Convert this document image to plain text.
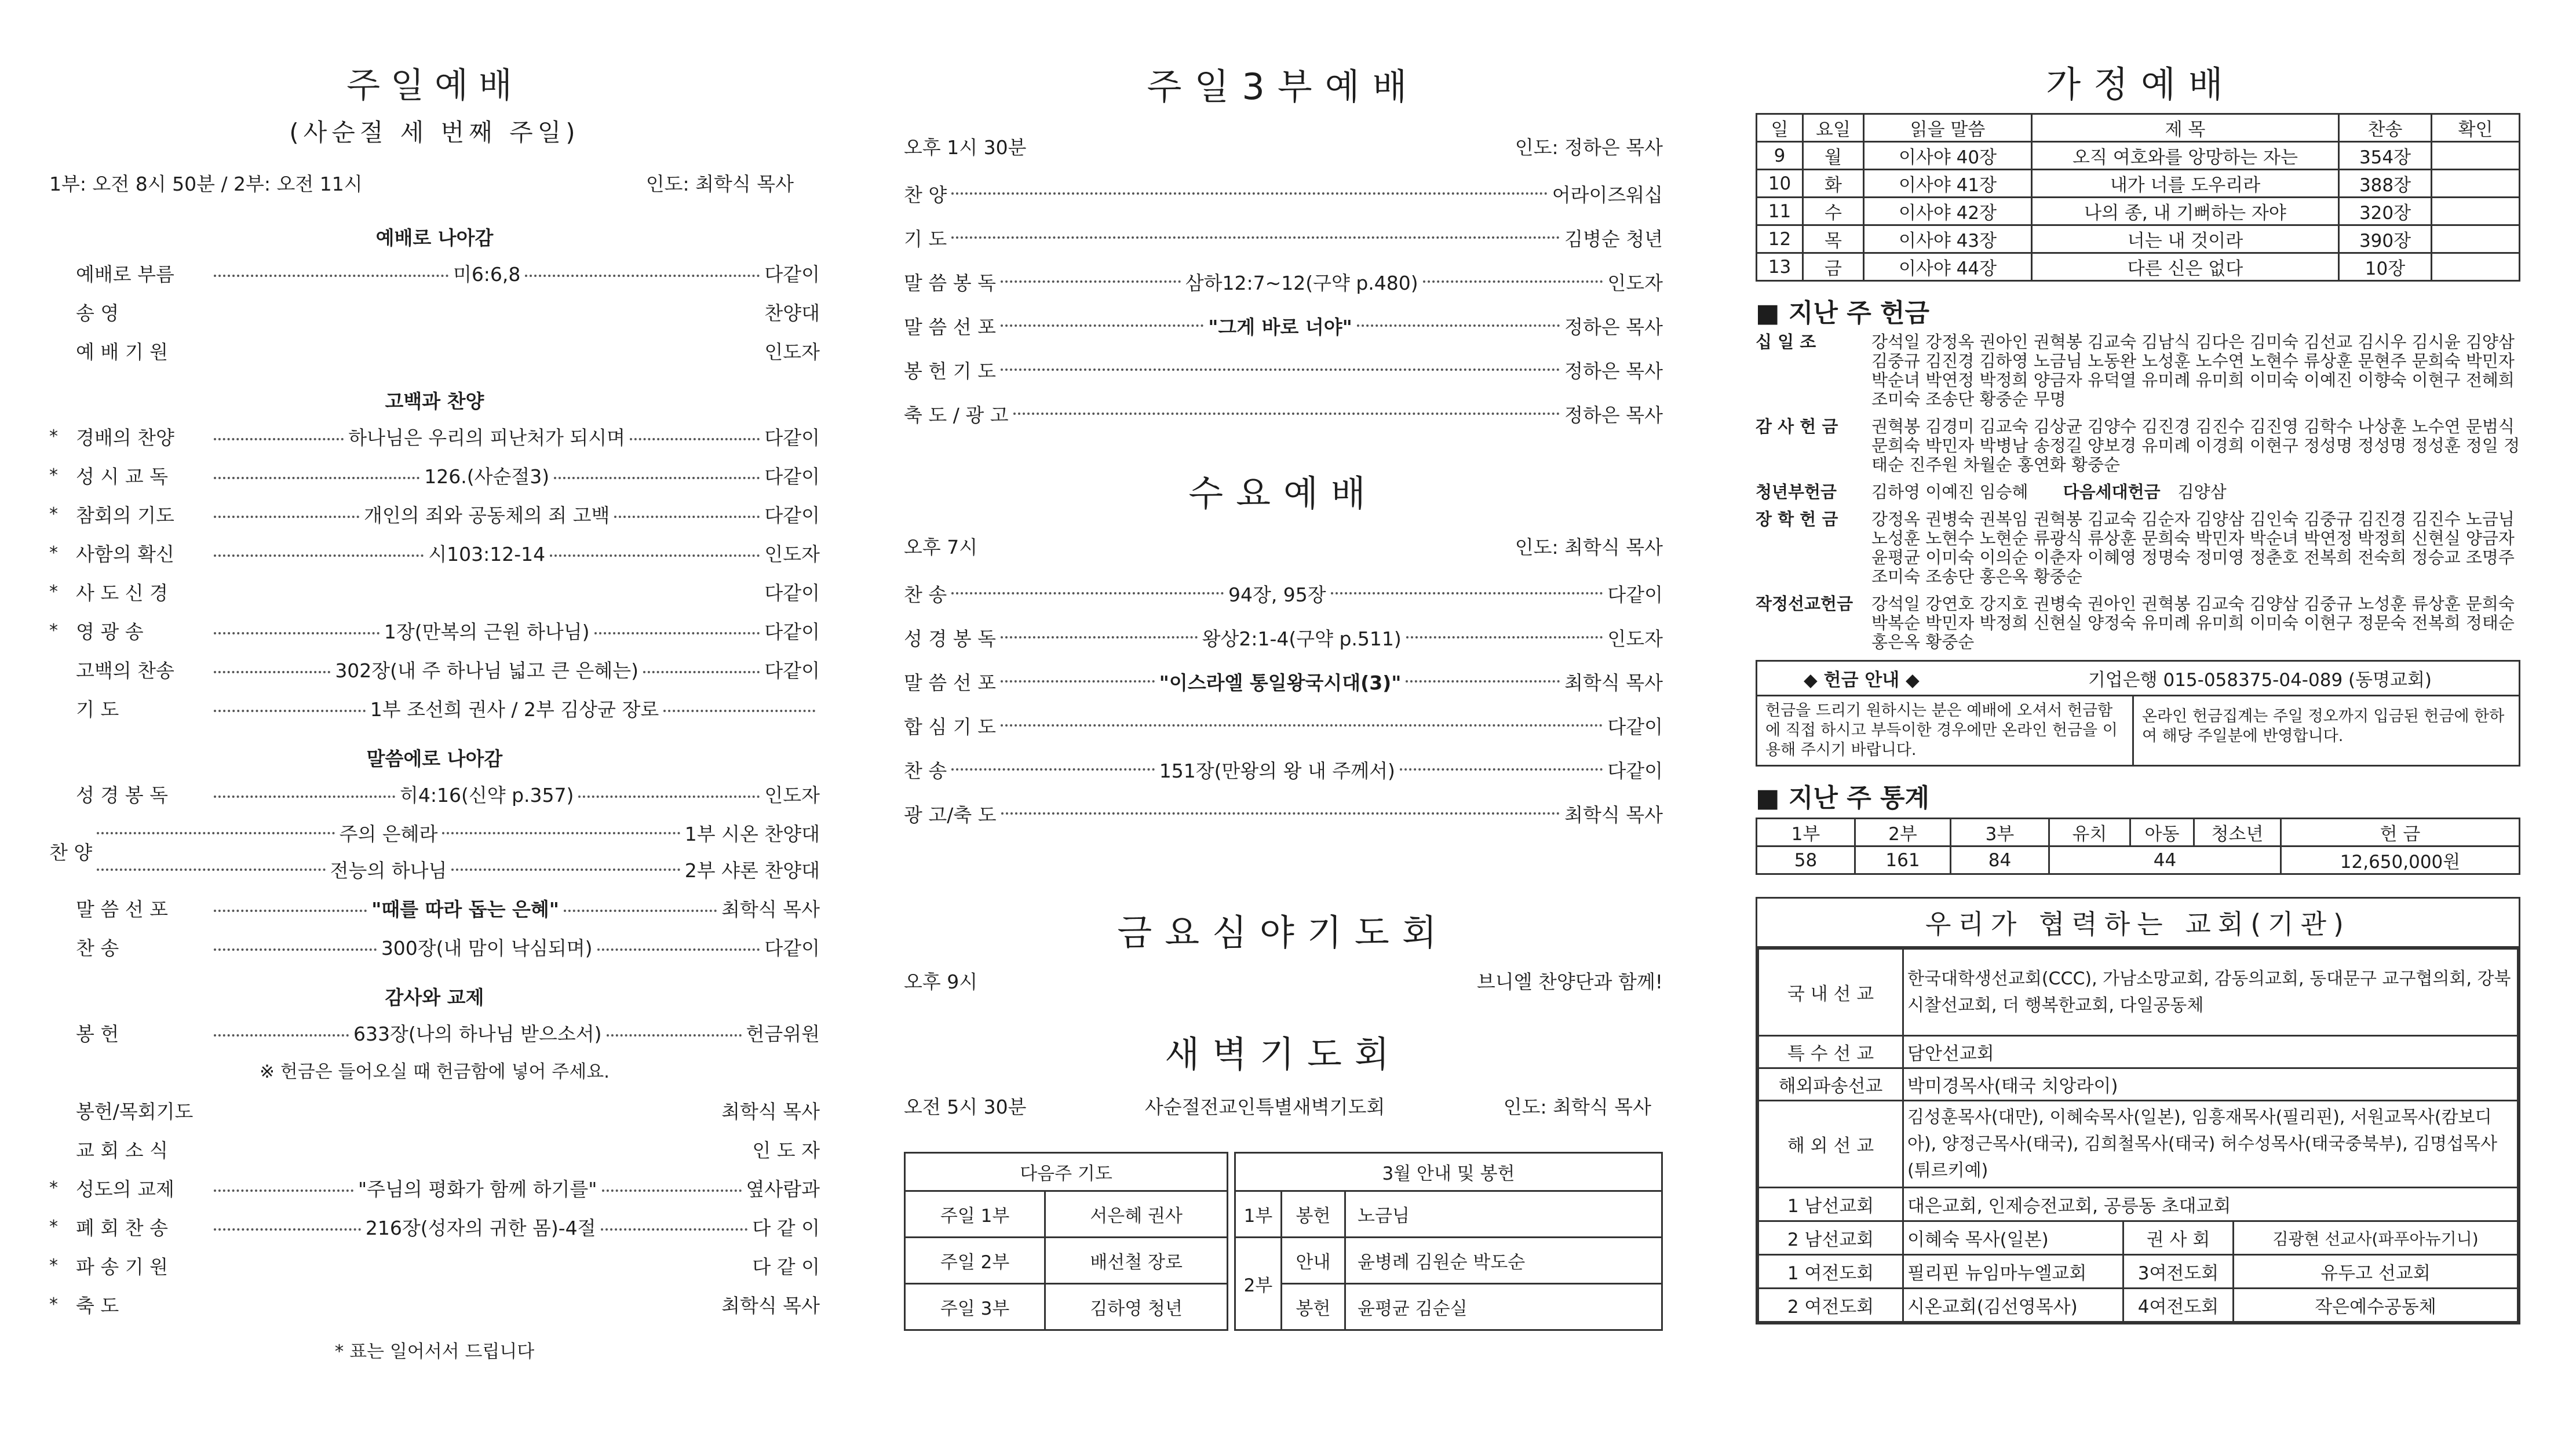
주일예배
(사순절 세 번째 주일)
1부: 오전 8시 50분 / 2부: 오전 11시	인도: 최학식 목사
예배로 나아감
예배로 부름	미6:6,8	다같이
송 영	찬양대
예 배 기 원	인도자
고백과 찬양
* 경배의 찬양	하나님은 우리의 피난처가 되시며	다같이
* 성 시 교 독	126.(사순절3)	다같이
* 참회의 기도	개인의 죄와 공동체의 죄 고백	다같이
* 사함의 확신	시103:12-14	인도자
* 사 도 신 경	다같이
* 영 광 송	1장(만복의 근원 하나님)	다같이
고백의 찬송	302장(내 주 하나님 넓고 큰 은혜는)	다같이
기 도	1부 조선희 권사 / 2부 김상균 장로
말씀에로 나아감
성 경 봉 독	히4:16(신약 p.357)	인도자
찬 양
주의 은혜라	1부 시온 찬양대
전능의 하나님	2부 샤론 찬양대
말 씀 선 포	"때를 따라 돕는 은혜"	최학식 목사
찬 송	300장(내 맘이 낙심되며)	다같이
감사와 교제
봉 헌	633장(나의 하나님 받으소서)	헌금위원
※ 헌금은 들어오실 때 헌금함에 넣어 주세요.
봉헌/목회기도	최학식 목사
교 회 소 식	인 도 자
* 성도의 교제	"주님의 평화가 함께 하기를"	옆사람과
* 폐 회 찬 송	216장(성자의 귀한 몸)-4절	다 같 이
* 파 송 기 원	다 같 이
* 축 도	최학식 목사
* 표는 일어서서 드립니다
주일3부예배
오후 1시 30분	인도: 정하은 목사
찬 양	어라이즈워십
기 도	김병순 청년
말 씀 봉 독	삼하12:7~12(구약 p.480)	인도자
말 씀 선 포	"그게 바로 너야"	정하은 목사
봉 헌 기 도	정하은 목사
축 도 / 광 고	정하은 목사
수요예배
오후 7시	인도: 최학식 목사
찬 송	94장, 95장	다같이
성 경 봉 독	왕상2:1-4(구약 p.511)	인도자
말 씀 선 포	"이스라엘 통일왕국시대(3)"	최학식 목사
합 심 기 도	다같이
찬 송	151장(만왕의 왕 내 주께서)	다같이
광 고/축 도	최학식 목사
금요심야기도회
오후 9시	브니엘 찬양단과 함께!
새벽기도회
오전 5시 30분	사순절전교인특별새벽기도회	인도: 최학식 목사
다음주 기도	
주일 1부	서은혜 권사
주일 2부	배선철 장로
주일 3부	김하영 청년
3월 안내 및 봉헌		
1부	봉헌	노금님
2부	안내	윤병례 김원순 박도순
	봉헌	윤평균 김순실
가정예배
일	요일	읽을 말씀	제 목	찬송	확인
9	월	이사야 40장	오직 여호와를 앙망하는 자는	354장	
10	화	이사야 41장	내가 너를 도우리라	388장	
11	수	이사야 42장	나의 종, 내 기뻐하는 자야	320장	
12	목	이사야 43장	너는 내 것이라	390장	
13	금	이사야 44장	다른 신은 없다	10장	
■ 지난 주 헌금
십 일 조	강석일 강정옥 권아인 권혁봉 김교숙 김남식 김다은 김미숙 김선교 김시우 김시윤 김양삼 김중규 김진경 김하영 노금님 노동완 노성훈 노수연 노현수 류상훈 문현주 문희숙 박민자 박순녀 박연정 박정희 양금자 유덕열 유미례 유미희 이미숙 이예진 이향숙 이현구 전혜희 조미숙 조송단 황중순 무명
감 사 헌 금	권혁봉 김경미 김교숙 김상균 김양수 김진경 김진수 김진영 김학수 나상훈 노수연 문범식 문희숙 박민자 박병남 송정길 양보경 유미례 이경희 이현구 정성명 정성명 정성훈 정일 정태순 진주원 차월순 홍연화 황중순
청년부헌금	김하영 이예진 임승혜 다음세대헌금 김양삼
장 학 헌 금	강정옥 권병숙 권복임 권혁봉 김교숙 김순자 김양삼 김인숙 김중규 김진경 김진수 노금님 노성훈 노현수 노현순 류광식 류상훈 문희숙 박민자 박순녀 박연정 박정희 신현실 양금자 윤평균 이미숙 이의순 이춘자 이혜영 정명숙 정미영 정춘호 전복희 전숙희 정승교 조명주 조미숙 조송단 홍은옥 황중순
작정선교헌금	강석일 강연호 강지호 권병숙 권아인 권혁봉 김교숙 김양삼 김중규 노성훈 류상훈 문희숙 박복순 박민자 박정희 신현실 양정숙 유미례 유미희 이미숙 이현구 정문숙 전복희 정태순 홍은옥 황중순
◆ 헌금 안내 ◆	기업은행 015-058375-04-089 (동명교회)
헌금을 드리기 원하시는 분은 예배에 오셔서 헌금함에 직접 하시고 부득이한 경우에만 온라인 헌금을 이용해 주시기 바랍니다.
온라인 헌금집계는 주일 정오까지 입금된 헌금에 한하여 해당 주일분에 반영합니다.
■ 지난 주 통계
1부	2부	3부	유치	아동	청소년	헌 금
58	161	84	44			12,650,000원
우리가 협력하는 교회(기관)
국 내 선 교	한국대학생선교회(CCC), 가남소망교회, 감동의교회, 동대문구 교구협의회, 강북시찰선교회, 더 행복한교회, 다일공동체		
특 수 선 교	담안선교회		
해외파송선교	박미경목사(태국 치앙라이)		
해 외 선 교	김성훈목사(대만), 이혜숙목사(일본), 임흥재목사(필리핀), 서원교목사(캄보디아), 양정근목사(태국), 김희철목사(태국) 허수성목사(태국중북부), 김명섭목사(튀르키예)		
1 남선교회	대은교회, 인제승전교회, 공릉동 초대교회		
2 남선교회	이혜숙 목사(일본)	권 사 회	김광현 선교사(파푸아뉴기니)
1 여전도회	필리핀 뉴임마누엘교회	3여전도회	유두고 선교회
2 여전도회	시온교회(김선영목사)	4여전도회	작은예수공동체
